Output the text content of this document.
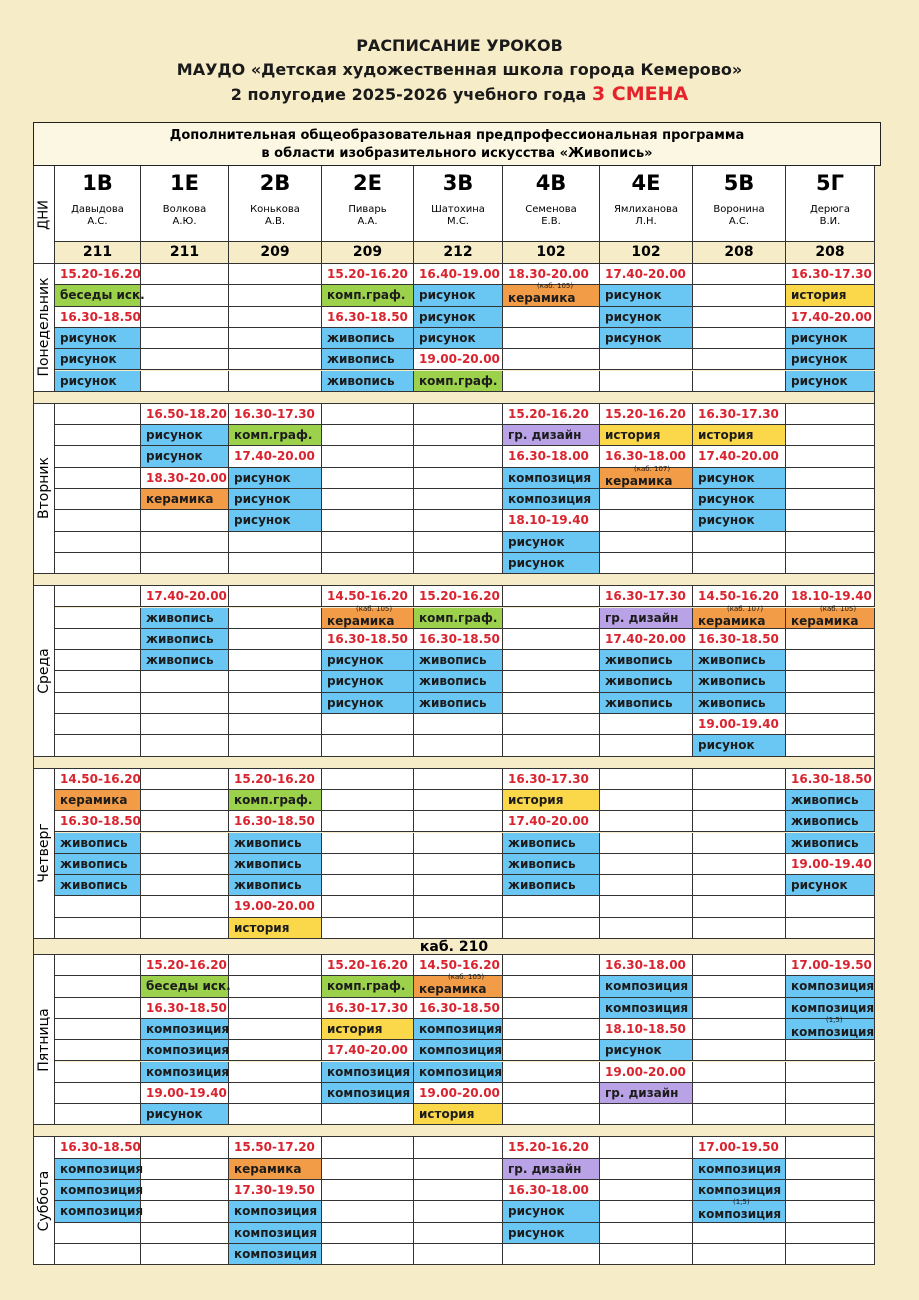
РАСПИСАНИЕ УРОКОВ
МАУДО «Детская художественная школа города Кемерово»
2 полугодие 2025-2026 учебного года 3 СМЕНА
Дополнительная общеобразовательная предпрофессиональная программа
в области изобразительного искусства «Живопись»
ДНИ
1В
Давыдова
А.С.
211
1Е
Волкова
А.Ю.
211
2В
Конькова
А.В.
209
2Е
Пиварь
А.А.
209
3В
Шатохина
М.С.
212
4В
Семенова
Е.В.
102
4Е
Ямлиханова
Л.Н.
102
5В
Воронина
А.С.
208
5Г
Дерюга
В.И.
208
Понедельник
15.20-16.20
беседы иск.
16.30-18.50
рисунок
рисунок
рисунок
15.20-16.20
комп.граф.
16.30-18.50
живопись
живопись
живопись
16.40-19.00
рисунок
рисунок
рисунок
19.00-20.00
комп.граф.
18.30-20.00
(каб. 105)
керамика
17.40-20.00
рисунок
рисунок
рисунок
16.30-17.30
история
17.40-20.00
рисунок
рисунок
рисунок
Вторник
16.50-18.20
рисунок
рисунок
18.30-20.00
керамика
16.30-17.30
комп.граф.
17.40-20.00
рисунок
рисунок
рисунок
15.20-16.20
гр. дизайн
16.30-18.00
композиция
композиция
18.10-19.40
рисунок
рисунок
15.20-16.20
история
16.30-18.00
(каб. 107)
керамика
16.30-17.30
история
17.40-20.00
рисунок
рисунок
рисунок
Среда
17.40-20.00
живопись
живопись
живопись
14.50-16.20
(каб. 105)
керамика
16.30-18.50
рисунок
рисунок
рисунок
15.20-16.20
комп.граф.
16.30-18.50
живопись
живопись
живопись
16.30-17.30
гр. дизайн
17.40-20.00
живопись
живопись
живопись
14.50-16.20
(каб. 107)
керамика
16.30-18.50
живопись
живопись
живопись
19.00-19.40
рисунок
18.10-19.40
(каб. 105)
керамика
Четверг
14.50-16.20
керамика
16.30-18.50
живопись
живопись
живопись
15.20-16.20
комп.граф.
16.30-18.50
живопись
живопись
живопись
19.00-20.00
история
16.30-17.30
история
17.40-20.00
живопись
живопись
живопись
16.30-18.50
живопись
живопись
живопись
19.00-19.40
рисунок
каб. 210
Пятница
15.20-16.20
беседы иск.
16.30-18.50
композиция
композиция
композиция
19.00-19.40
рисунок
15.20-16.20
комп.граф.
16.30-17.30
история
17.40-20.00
композиция
композиция
14.50-16.20
(каб. 105)
керамика
16.30-18.50
композиция
композиция
композиция
19.00-20.00
история
16.30-18.00
композиция
композиция
18.10-18.50
рисунок
19.00-20.00
гр. дизайн
17.00-19.50
композиция
композиция
(1,5)
композиция
Суббота
16.30-18.50
композиция
композиция
композиция
15.50-17.20
керамика
17.30-19.50
композиция
композиция
композиция
15.20-16.20
гр. дизайн
16.30-18.00
рисунок
рисунок
17.00-19.50
композиция
композиция
(1,5)
композиция
